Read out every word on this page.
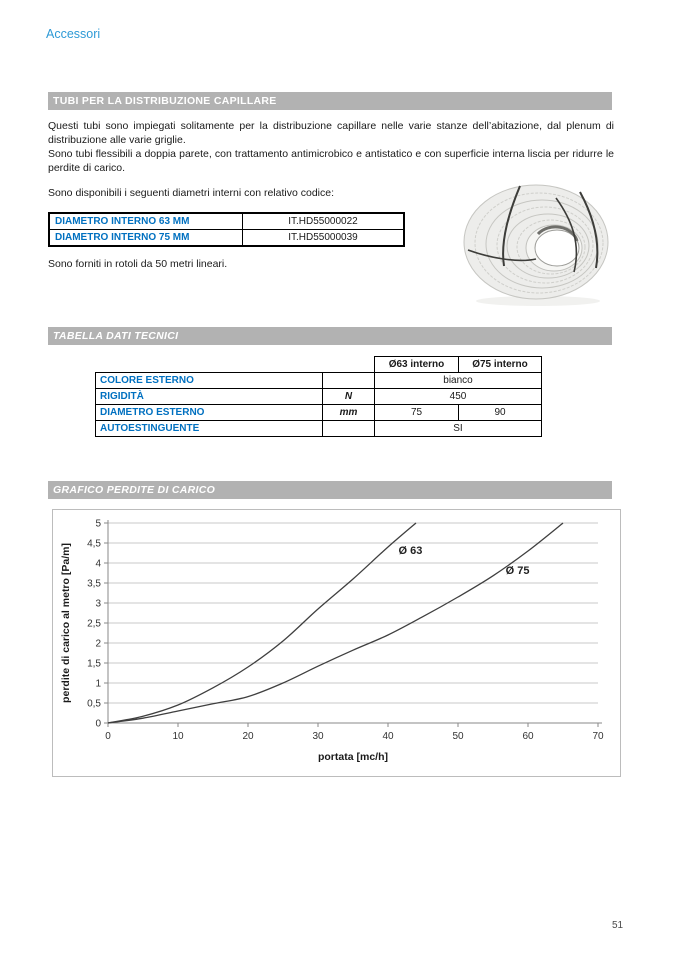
Accessori
TUBI PER LA DISTRIBUZIONE CAPILLARE

Questi tubi sono impiegati solitamente per la distribuzione capillare nelle varie stanze dell’abitazione, dal plenum di distribuzione alle varie griglie.

Sono tubi flessibili a doppia parete, con trattamento antimicrobico e antistatico e con superficie interna liscia per ridurre le perdite di carico.

Sono disponibili i seguenti diametri interni con relativo codice:
DIAMETRO INTERNO 63 MM	IT.HD55000022
DIAMETRO INTERNO 75 MM	IT.HD55000039
Sono forniti in rotoli da 50 metri lineari.
TABELLA DATI TECNICI
		Ø63 interno	Ø75 interno
COLORE ESTERNO		bianco	
RIGIDITÀ	N	450	
DIAMETRO ESTERNO	mm	75	90
AUTOESTINGUENTE		SI	
GRAFICO PERDITE DI CARICO
0	10	20	30	40	50	60	70
0
0,5
1
1,5
2
2,5
3
3,5
4
4,5
5
Ø 63
Ø 75
portata [mc/h]
perdite di carico al metro [Pa/m]
51
